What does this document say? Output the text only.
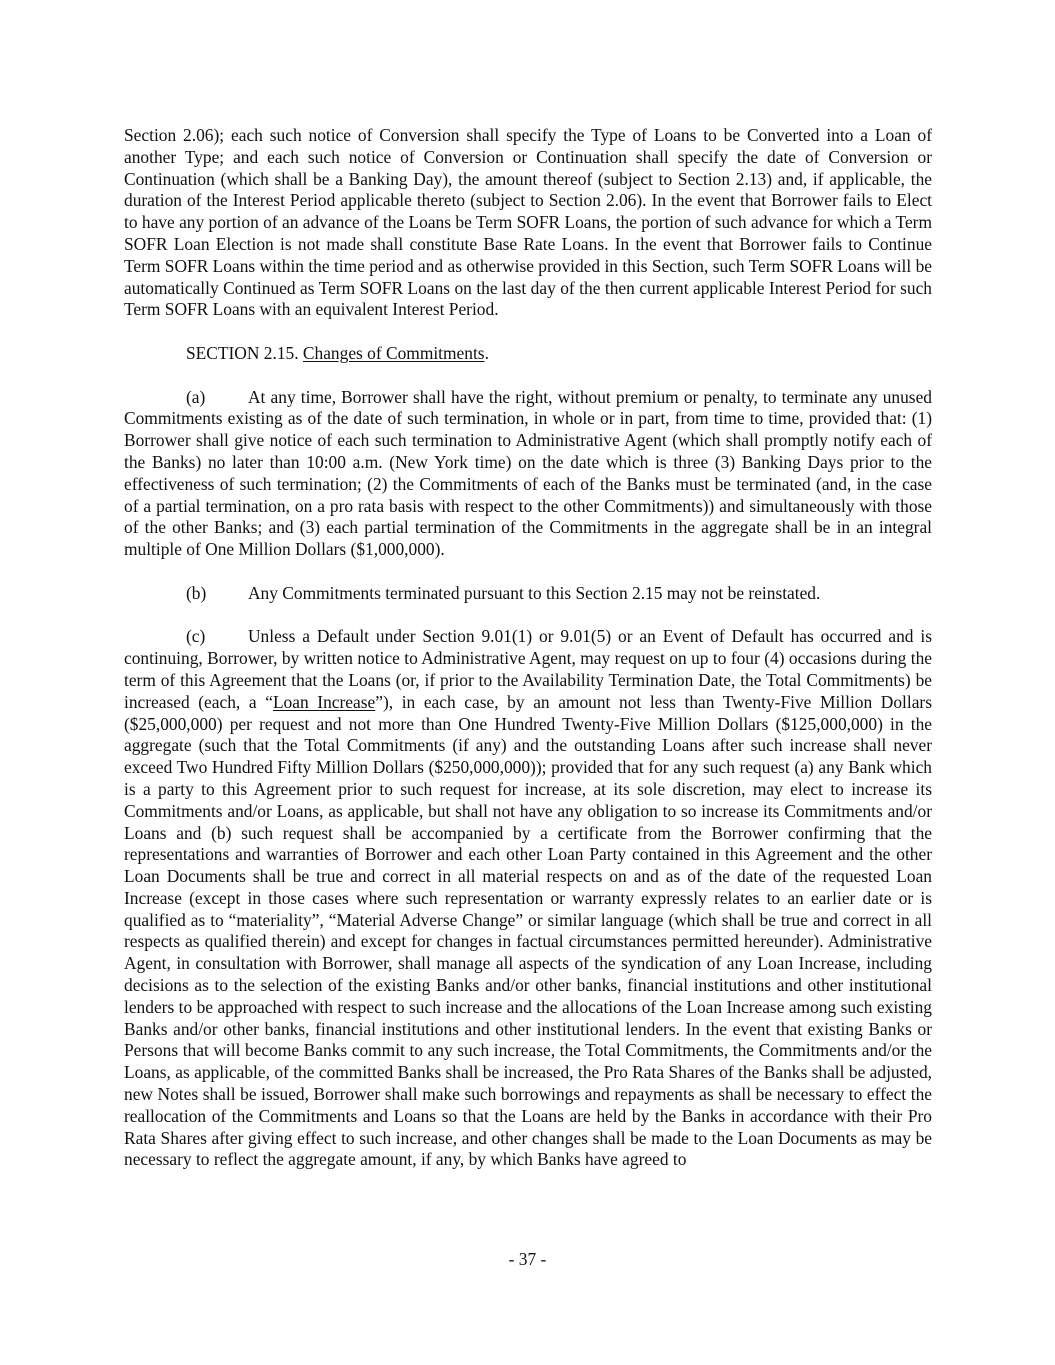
Section 2.06); each such notice of Conversion shall specify the Type of Loans to be Converted into a Loan of another Type; and each such notice of Conversion or Continuation shall specify the date of Conversion or Continuation (which shall be a Banking Day), the amount thereof (subject to Section 2.13) and, if applicable, the duration of the Interest Period applicable thereto (subject to Section 2.06). In the event that Borrower fails to Elect to have any portion of an advance of the Loans be Term SOFR Loans, the portion of such advance for which a Term SOFR Loan Election is not made shall constitute Base Rate Loans. In the event that Borrower fails to Continue Term SOFR Loans within the time period and as otherwise provided in this Section, such Term SOFR Loans will be automatically Continued as Term SOFR Loans on the last day of the then current applicable Interest Period for such Term SOFR Loans with an equivalent Interest Period.

SECTION 2.15. Changes of Commitments.

(a) At any time, Borrower shall have the right, without premium or penalty, to terminate any unused Commitments existing as of the date of such termination, in whole or in part, from time to time, provided that: (1) Borrower shall give notice of each such termination to Administrative Agent (which shall promptly notify each of the Banks) no later than 10:00 a.m. (New York time) on the date which is three (3) Banking Days prior to the effectiveness of such termination; (2) the Commitments of each of the Banks must be terminated (and, in the case of a partial termination, on a pro rata basis with respect to the other Commitments)) and simultaneously with those of the other Banks; and (3) each partial termination of the Commitments in the aggregate shall be in an integral multiple of One Million Dollars ($1,000,000).

(b) Any Commitments terminated pursuant to this Section 2.15 may not be reinstated.

(c) Unless a Default under Section 9.01(1) or 9.01(5) or an Event of Default has occurred and is continuing, Borrower, by written notice to Administrative Agent, may request on up to four (4) occasions during the term of this Agreement that the Loans (or, if prior to the Availability Termination Date, the Total Commitments) be increased (each, a “Loan Increase”), in each case, by an amount not less than Twenty-Five Million Dollars ($25,000,000) per request and not more than One Hundred Twenty-Five Million Dollars ($125,000,000) in the aggregate (such that the Total Commitments (if any) and the outstanding Loans after such increase shall never exceed Two Hundred Fifty Million Dollars ($250,000,000)); provided that for any such request (a) any Bank which is a party to this Agreement prior to such request for increase, at its sole discretion, may elect to increase its Commitments and/or Loans, as applicable, but shall not have any obligation to so increase its Commitments and/or Loans and (b) such request shall be accompanied by a certificate from the Borrower confirming that the representations and warranties of Borrower and each other Loan Party contained in this Agreement and the other Loan Documents shall be true and correct in all material respects on and as of the date of the requested Loan Increase (except in those cases where such representation or warranty expressly relates to an earlier date or is qualified as to “materiality”, “Material Adverse Change” or similar language (which shall be true and correct in all respects as qualified therein) and except for changes in factual circumstances permitted hereunder). Administrative Agent, in consultation with Borrower, shall manage all aspects of the syndication of any Loan Increase, including decisions as to the selection of the existing Banks and/or other banks, financial institutions and other institutional lenders to be approached with respect to such increase and the allocations of the Loan Increase among such existing Banks and/or other banks, financial institutions and other institutional lenders. In the event that existing Banks or Persons that will become Banks commit to any such increase, the Total Commitments, the Commitments and/or the Loans, as applicable, of the committed Banks shall be increased, the Pro Rata Shares of the Banks shall be adjusted, new Notes shall be issued, Borrower shall make such borrowings and repayments as shall be necessary to effect the reallocation of the Commitments and Loans so that the Loans are held by the Banks in accordance with their Pro Rata Shares after giving effect to such increase, and other changes shall be made to the Loan Documents as may be necessary to reflect the aggregate amount, if any, by which Banks have agreed to

- 37 -
